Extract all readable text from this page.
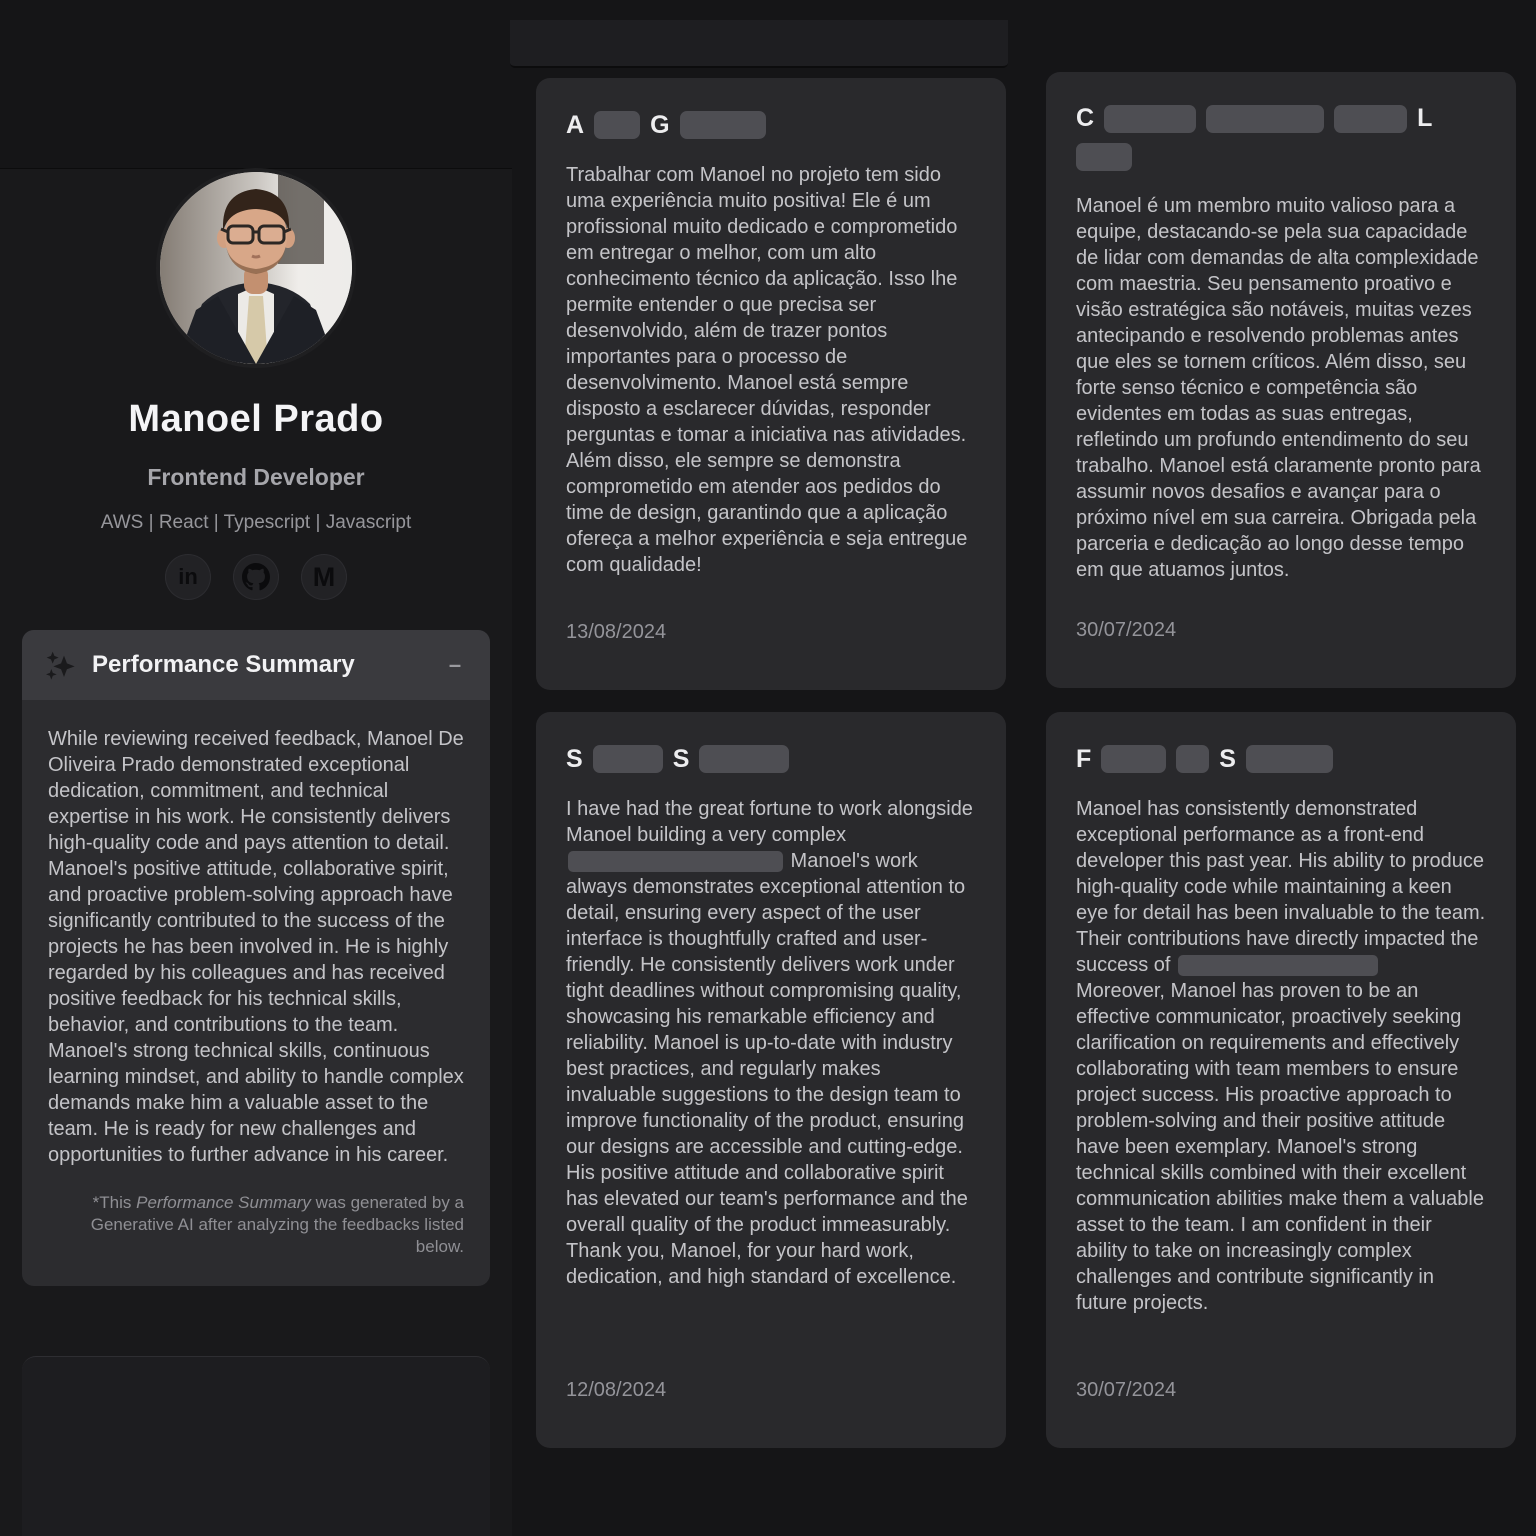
Manoel Prado
Frontend Developer
AWS | React | Typescript | Javascript
in	M
Performance Summary	–
While reviewing received feedback, Manoel De Oliveira Prado demonstrated exceptional dedication, commitment, and technical expertise in his work. He consistently delivers high-quality code and pays attention to detail. Manoel's positive attitude, collaborative spirit, and proactive problem-solving approach have significantly contributed to the success of the projects he has been involved in. He is highly regarded by his colleagues and has received positive feedback for his technical skills, behavior, and contributions to the team. Manoel's strong technical skills, continuous learning mindset, and ability to handle complex demands make him a valuable asset to the team. He is ready for new challenges and opportunities to further advance in his career.
*This Performance Summary was generated by a Generative AI after analyzing the feedbacks listed below.
A	G
Trabalhar com Manoel no projeto tem sido uma experiência muito positiva! Ele é um profissional muito dedicado e comprometido em entregar o melhor, com um alto conhecimento técnico da aplicação. Isso lhe permite entender o que precisa ser desenvolvido, além de trazer pontos importantes para o processo de desenvolvimento. Manoel está sempre disposto a esclarecer dúvidas, responder perguntas e tomar a iniciativa nas atividades. Além disso, ele sempre se demonstra comprometido em atender aos pedidos do time de design, garantindo que a aplicação ofereça a melhor experiência e seja entregue com qualidade!
13/08/2024
C	L
Manoel é um membro muito valioso para a equipe, destacando-se pela sua capacidade de lidar com demandas de alta complexidade com maestria. Seu pensamento proativo e visão estratégica são notáveis, muitas vezes antecipando e resolvendo problemas antes que eles se tornem críticos. Além disso, seu forte senso técnico e competência são evidentes em todas as suas entregas, refletindo um profundo entendimento do seu trabalho. Manoel está claramente pronto para assumir novos desafios e avançar para o próximo nível em sua carreira. Obrigada pela parceria e dedicação ao longo desse tempo em que atuamos juntos.
30/07/2024
S	S
I have had the great fortune to work alongside Manoel building a very complex  Manoel's work always demonstrates exceptional attention to detail, ensuring every aspect of the user interface is thoughtfully crafted and user-friendly. He consistently delivers work under tight deadlines without compromising quality, showcasing his remarkable efficiency and reliability. Manoel is up-to-date with industry best practices, and regularly makes invaluable suggestions to the design team to improve functionality of the product, ensuring our designs are accessible and cutting-edge. His positive attitude and collaborative spirit has elevated our team's performance and the overall quality of the product immeasurably. Thank you, Manoel, for your hard work, dedication, and high standard of excellence.
12/08/2024
F	S
Manoel has consistently demonstrated exceptional performance as a front-end developer this past year. His ability to produce high-quality code while maintaining a keen eye for detail has been invaluable to the team. Their contributions have directly impacted the success of
Moreover, Manoel has proven to be an effective communicator, proactively seeking clarification on requirements and effectively collaborating with team members to ensure project success. His proactive approach to problem-solving and their positive attitude have been exemplary. Manoel's strong technical skills combined with their excellent communication abilities make them a valuable asset to the team. I am confident in their ability to take on increasingly complex challenges and contribute significantly in future projects.
30/07/2024
